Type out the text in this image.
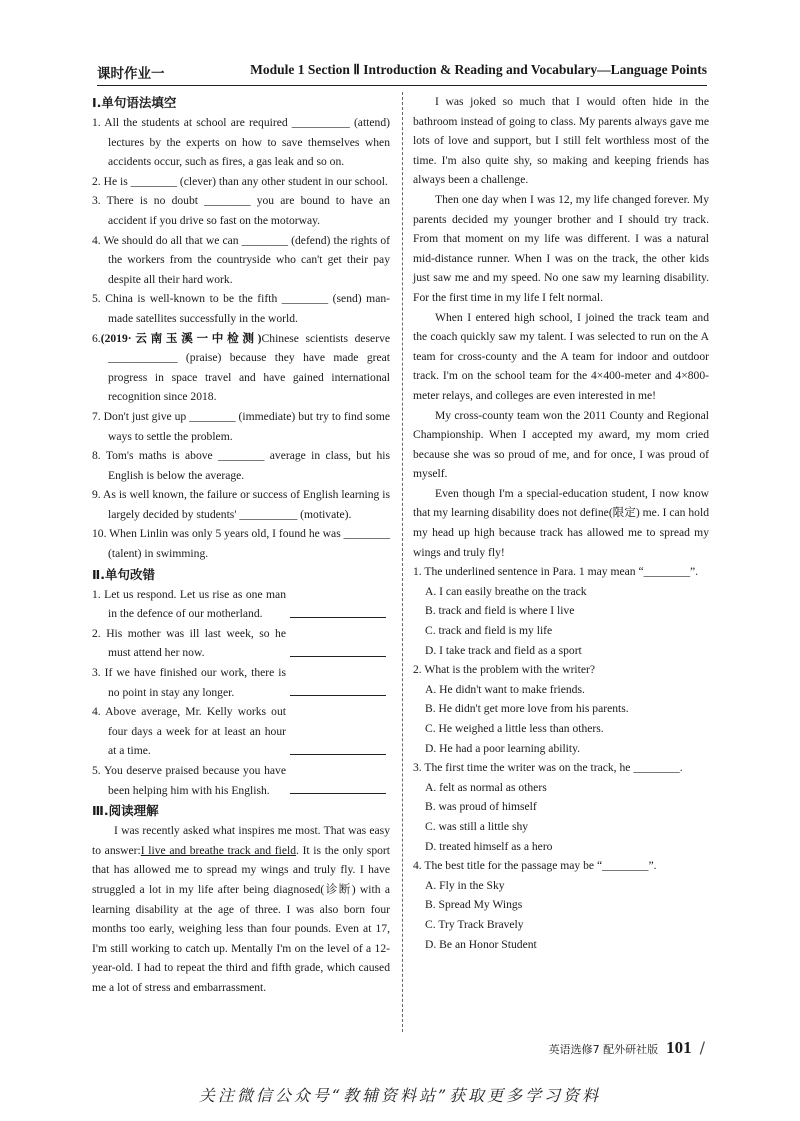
课时作业一	Module 1 Section Ⅱ Introduction & Reading and Vocabulary—Language Points

Ⅰ.单句语法填空

1. All the students at school are required __________ (attend) lectures by the experts on how to save themselves when accidents occur, such as fires, a gas leak and so on.

2. He is ________ (clever) than any other student in our school.

3. There is no doubt ________ you are bound to have an accident if you drive so fast on the motorway.

4. We should do all that we can ________ (defend) the rights of the workers from the countryside who can't get their pay despite all their hard work.

5. China is well-known to be the fifth ________ (send) man-made satellites successfully in the world.

6.(2019·云南玉溪一中检测)Chinese scientists deserve ____________ (praise) because they have made great progress in space travel and have gained international recognition since 2018.

7. Don't just give up ________ (immediate) but try to find some ways to settle the problem.

8. Tom's maths is above ________ average in class, but his English is below the average.

9. As is well known, the failure or success of English learning is largely decided by students' __________ (motivate).

10. When Linlin was only 5 years old, I found he was ________ (talent) in swimming.

Ⅱ.单句改错

1. Let us respond. Let us rise as one man in the defence of our motherland.

2. His mother was ill last week, so he must attend her now.

3. If we have finished our work, there is no point in stay any longer.

4. Above average, Mr. Kelly works out four days a week for at least an hour at a time.

5. You deserve praised because you have been helping him with his English.

Ⅲ.阅读理解

I was recently asked what inspires me most. That was easy to answer:I live and breathe track and field. It is the only sport that has allowed me to spread my wings and truly fly. I have struggled a lot in my life after being diagnosed(诊断) with a learning disability at the age of three. I was also born four months too early, weighing less than four pounds. Even at 17, I'm still working to catch up. Mentally I'm on the level of a 12-year-old. I had to repeat the third and fifth grade, which caused me a lot of stress and embarrassment.

I was joked so much that I would often hide in the bathroom instead of going to class. My parents always gave me lots of love and support, but I still felt worthless most of the time. I'm also quite shy, so making and keeping friends has always been a challenge.

Then one day when I was 12, my life changed forever. My parents decided my younger brother and I should try track. From that moment on my life was different. I was a natural mid-distance runner. When I was on the track, the other kids just saw me and my speed. No one saw my learning disability. For the first time in my life I felt normal.

When I entered high school, I joined the track team and the coach quickly saw my talent. I was selected to run on the A team for cross-county and the A team for indoor and outdoor track. I'm on the school team for the 4×400-meter and 4×800-meter relays, and colleges are even interested in me!

My cross-county team won the 2011 County and Regional Championship. When I accepted my award, my mom cried because she was so proud of me, and for once, I was proud of myself.

Even though I'm a special-education student, I now know that my learning disability does not define(限定) me. I can hold my head up high because track has allowed me to spread my wings and truly fly!

1. The underlined sentence in Para. 1 may mean “________”.

A. I can easily breathe on the track

B. track and field is where I live

C. track and field is my life

D. I take track and field as a sport

2. What is the problem with the writer?

A. He didn't want to make friends.

B. He didn't get more love from his parents.

C. He weighed a little less than others.

D. He had a poor learning ability.

3. The first time the writer was on the track, he ________.

A. felt as normal as others

B. was proud of himself

C. was still a little shy

D. treated himself as a hero

4. The best title for the passage may be “________”.

A. Fly in the Sky

B. Spread My Wings

C. Try Track Bravely

D. Be an Honor Student

英语选修7 配外研社版 101 /
关注微信公众号“教辅资料站”获取更多学习资料
